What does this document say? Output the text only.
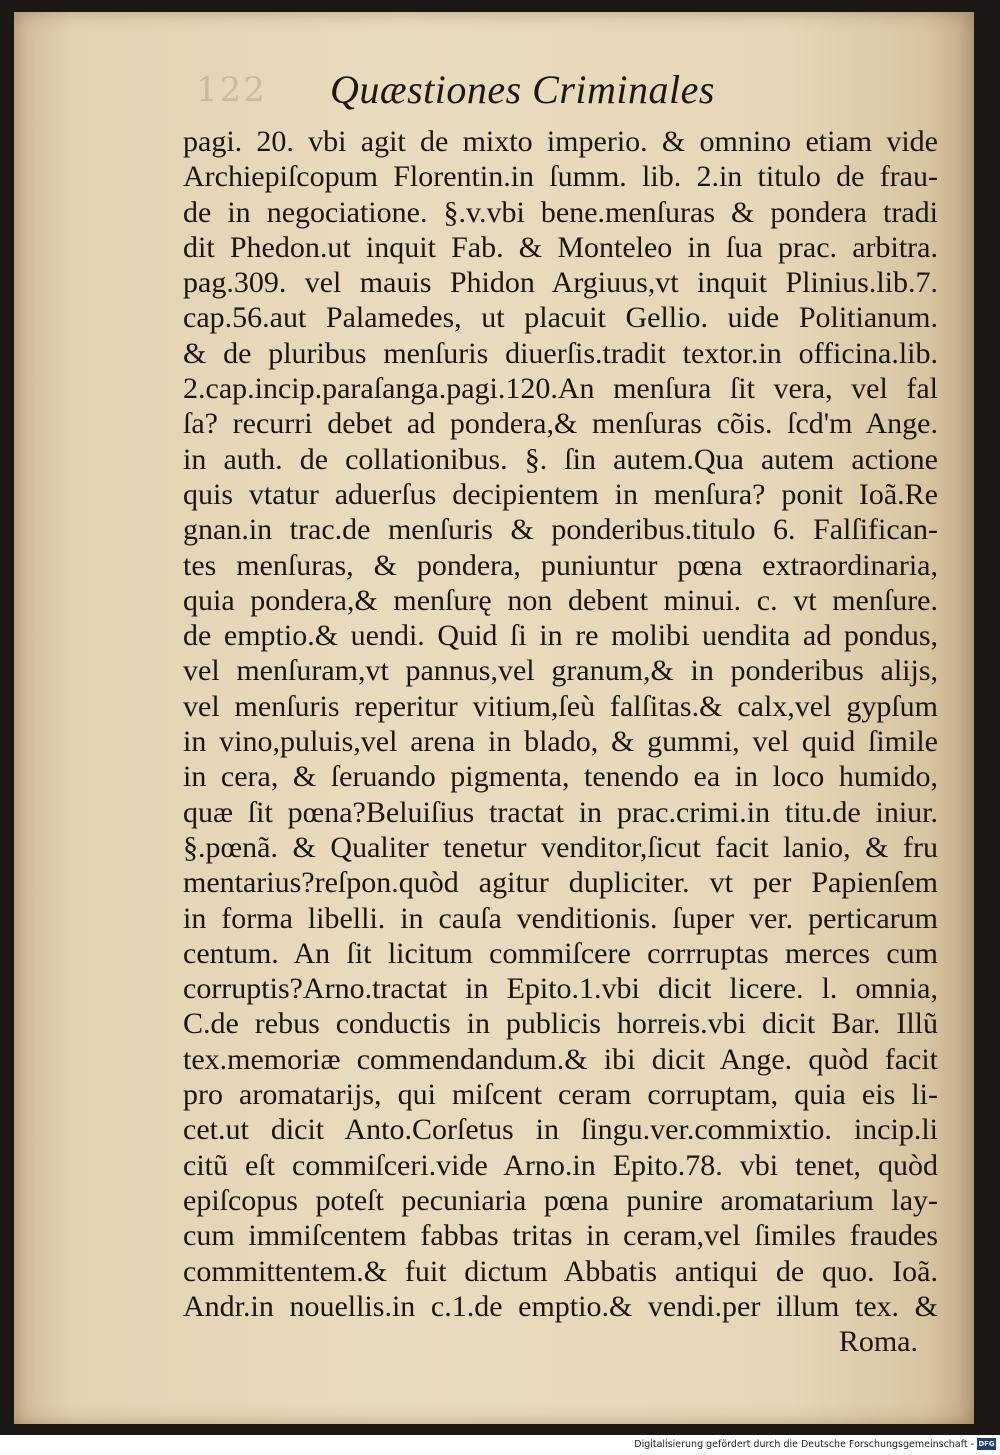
122 Quæstiones Criminales
pagi. 20. vbi agit de mixto imperio. & omnino etiam vide
Archiepiſcopum Florentin.in ſumm. lib. 2.in titulo de frau-
de in negociatione. §.v.vbi bene.menſuras & pondera tradi
dit Phedon.ut inquit Fab. & Monteleo in ſua prac. arbitra.
pag.309. vel mauis Phidon Argiuus,vt inquit Plinius.lib.7.
cap.56.aut Palamedes, ut placuit Gellio. uide Politianum.
& de pluribus menſuris diuerſis.tradit textor.in officina.lib.
2.cap.incip.paraſanga.pagi.120.An menſura ſit vera, vel fal
ſa? recurri debet ad pondera,& menſuras cõis. ſcd'm Ange.
in auth. de collationibus. §. ſin autem.Qua autem actione
quis vtatur aduerſus decipientem in menſura? ponit Ioã.Re
gnan.in trac.de menſuris & ponderibus.titulo 6. Falſifican-
tes menſuras, & pondera, puniuntur pœna extraordinaria,
quia pondera,& menſurę non debent minui. c. vt menſure.
de emptio.& uendi. Quid ſi in re molibi uendita ad pondus,
vel menſuram,vt pannus,vel granum,& in ponderibus alijs,
vel menſuris reperitur vitium,ſeù falſitas.& calx,vel gypſum
in vino,puluis,vel arena in blado, & gummi, vel quid ſimile
in cera, & ſeruando pigmenta, tenendo ea in loco humido,
quæ ſit pœna?Beluiſius tractat in prac.crimi.in titu.de iniur.
§.pœnã. & Qualiter tenetur venditor,ſicut facit lanio, & fru
mentarius?reſpon.quòd agitur dupliciter. vt per Papienſem
in forma libelli. in cauſa venditionis. ſuper ver. perticarum
centum. An ſit licitum commiſcere corrruptas merces cum
corruptis?Arno.tractat in Epito.1.vbi dicit licere. l. omnia,
C.de rebus conductis in publicis horreis.vbi dicit Bar. Illũ
tex.memoriæ commendandum.& ibi dicit Ange. quòd facit
pro aromatarijs, qui miſcent ceram corruptam, quia eis li-
cet.ut dicit Anto.Corſetus in ſingu.ver.commixtio. incip.li
citũ eſt commiſceri.vide Arno.in Epito.78. vbi tenet, quòd
epiſcopus poteſt pecuniaria pœna punire aromatarium lay-
cum immiſcentem fabbas tritas in ceram,vel ſimiles fraudes
committentem.& fuit dictum Abbatis antiqui de quo. Ioã.
Andr.in nouellis.in c.1.de emptio.& vendi.per illum tex. &
Roma.
Digitalisierung gefördert durch die Deutsche Forschungsgemeinschaft - DFG
